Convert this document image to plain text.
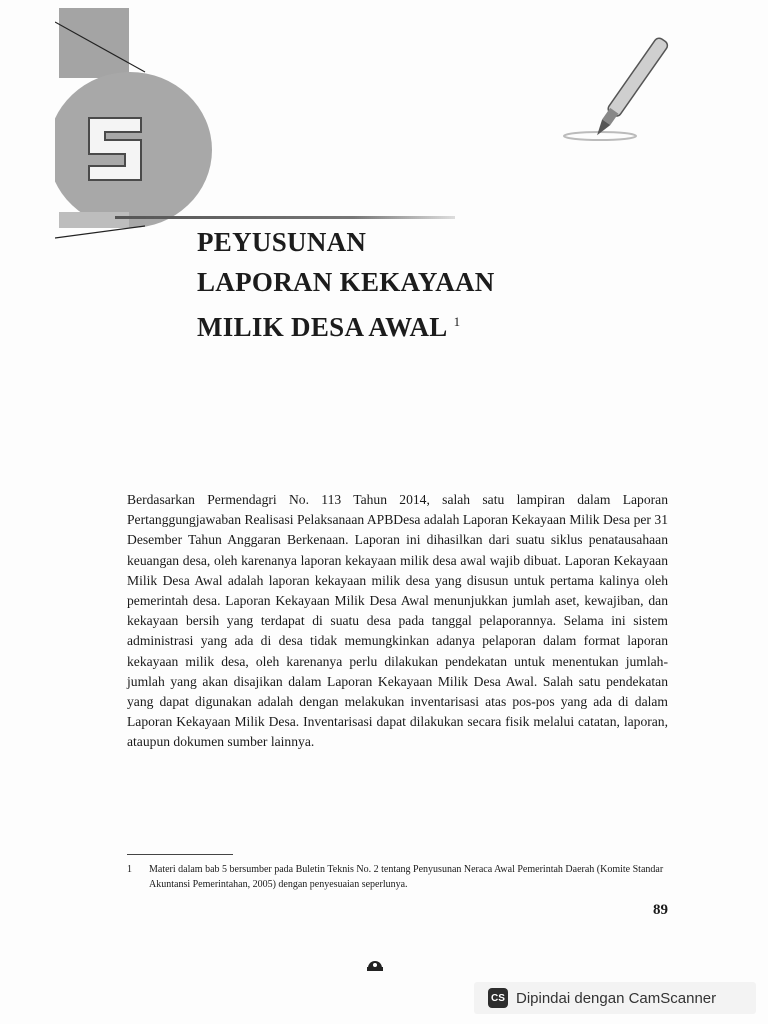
PEYUSUNAN
LAPORAN KEKAYAAN
MILIK DESA AWAL $^1$
Berdasarkan Permendagri No. 113 Tahun 2014, salah satu lampiran dalam Laporan Pertanggungjawaban Realisasi Pelaksanaan APBDesa adalah Laporan Kekayaan Milik Desa per 31 Desember Tahun Anggaran Berkenaan. Laporan ini dihasilkan dari suatu siklus penatausahaan keuangan desa, oleh karenanya laporan kekayaan milik desa awal wajib dibuat. Laporan Kekayaan Milik Desa Awal adalah laporan kekayaan milik desa yang disusun untuk pertama kalinya oleh pemerintah desa. Laporan Kekayaan Milik Desa Awal menunjukkan jumlah aset, kewajiban, dan kekayaan bersih yang terdapat di suatu desa pada tanggal pelaporannya. Selama ini sistem administrasi yang ada di desa tidak memungkinkan adanya pelaporan dalam format laporan kekayaan milik desa, oleh karenanya perlu dilakukan pendekatan untuk menentukan jumlah-jumlah yang akan disajikan dalam Laporan Kekayaan Milik Desa Awal. Salah satu pendekatan yang dapat digunakan adalah dengan melakukan inventarisasi atas pos-pos yang ada di dalam Laporan Kekayaan Milik Desa. Inventarisasi dapat dilakukan secara fisik melalui catatan, laporan, ataupun dokumen sumber lainnya.
1	Materi dalam bab 5 bersumber pada Buletin Teknis No. 2 tentang Penyusunan Neraca Awal Pemerintah Daerah (Komite Standar Akuntansi Pemerintahan, 2005) dengan penyesuaian seperlunya.
89
CS Dipindai dengan CamScanner
